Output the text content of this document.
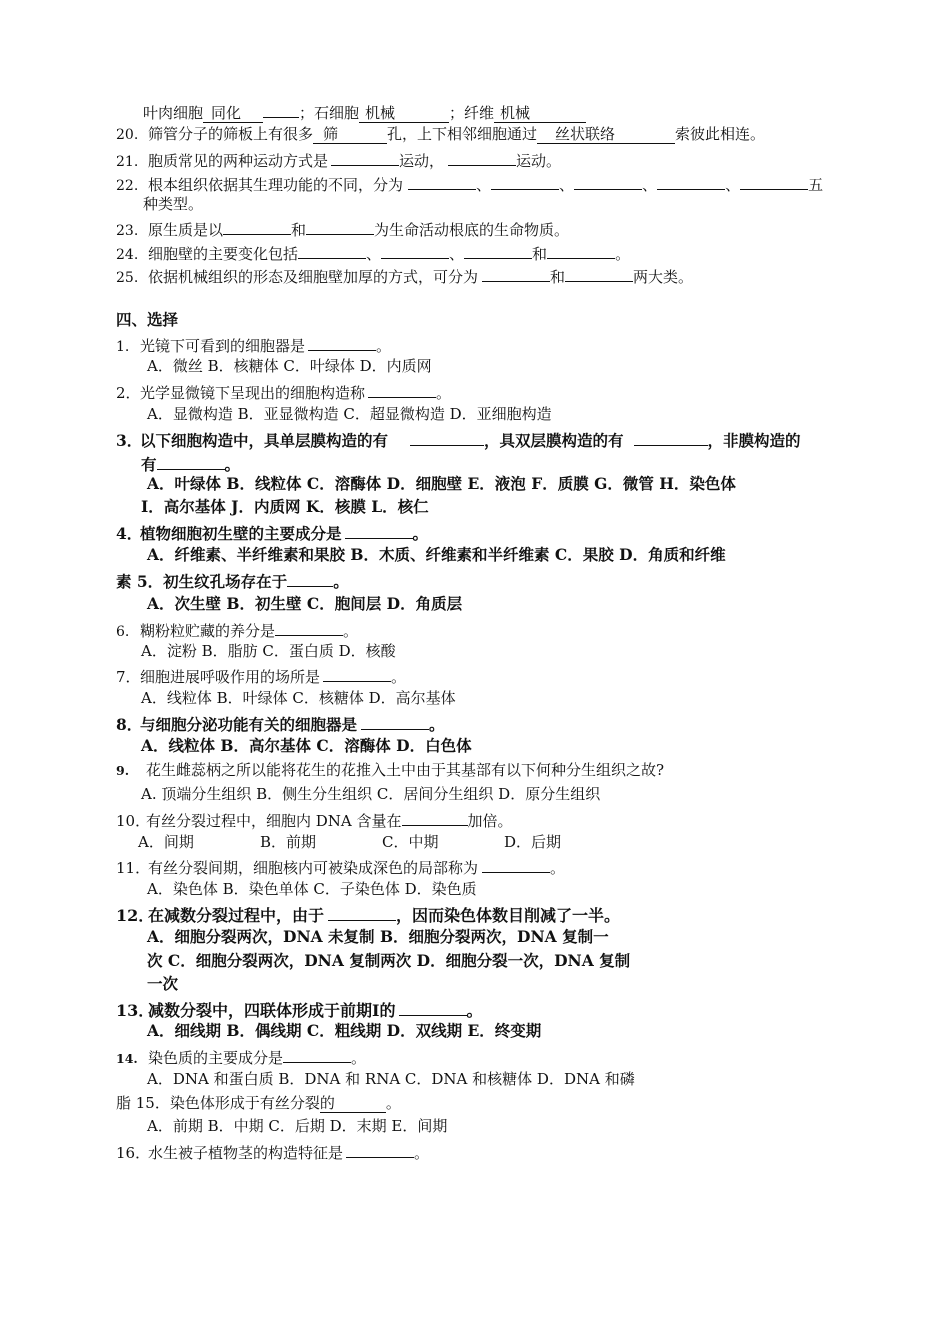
叶肉细胞 同化	；石细胞 机械	；纤维 机械
20. 筛管分子的筛板上有很多 筛	孔，上下相邻细胞通过 丝状联络	索彼此相连。
21. 胞质常见的两种运动方式是	运动，	运动。
22. 根本组织依据其生理功能的不同，分为	、	、	、	、	五
种类型。
23. 原生质是以	和	为生命活动根底的生命物质。
24. 细胞壁的主要变化包括	、	、	和	。
25. 依据机械组织的形态及细胞壁加厚的方式，可分为	和	两大类。
四、选择
1. 光镜下可看到的细胞器是	。
A．微丝 B．核糖体 C．叶绿体 D．内质网
2．光学显微镜下呈现出的细胞构造称	。
A．显微构造 B．亚显微构造 C．超显微构造 D．亚细胞构造
3．以下细胞构造中，具单层膜构造的有	，具双层膜构造的有	，非膜构造的
有	。
A．叶绿体 B．线粒体 C．溶酶体 D．细胞壁 E．液泡 F．质膜 G．微管 H．染色体
I．高尔基体 J．内质网 K．核膜 L．核仁
4．植物细胞初生壁的主要成分是	。
A．纤维素、半纤维素和果胶 B．木质、纤维素和半纤维素 C．果胶 D．角质和纤维
素 5．初生纹孔场存在于	。
A．次生壁 B．初生壁 C．胞间层 D．角质层
6. 糊粉粒贮藏的养分是	。
A．淀粉 B．脂肪 C．蛋白质 D．核酸
7．细胞进展呼吸作用的场所是	。
A．线粒体 B．叶绿体 C．核糖体 D．高尔基体
8．与细胞分泌功能有关的细胞器是	。
A．线粒体 B．高尔基体 C．溶酶体 D．白色体
9. 花生雌蕊柄之所以能将花生的花推入土中由于其基部有以下何种分生组织之故?
A. 顶端分生组织 B．侧生分生组织 C．居间分生组织 D．原分生组织
10．有丝分裂过程中，细胞内 DNA 含量在	加倍。
A．间期	B．前期	C．中期	D．后期
11．有丝分裂间期，细胞核内可被染成深色的局部称为	。
A．染色体 B．染色单体 C．子染色体 D．染色质
12．在减数分裂过程中，由于	，因而染色体数目削减了一半。
A．细胞分裂两次，DNA 未复制 B．细胞分裂两次，DNA 复制一
次 C．细胞分裂两次，DNA 复制两次 D．细胞分裂一次，DNA 复制
一次
13．减数分裂中，四联体形成于前期Ⅰ的	。
A．细线期 B．偶线期 C．粗线期 D．双线期 E．终变期
14. 染色质的主要成分是	。
A．DNA 和蛋白质 B．DNA 和 RNA C．DNA 和核糖体 D．DNA 和磷
脂 15．染色体形成于有丝分裂的	。
A．前期 B．中期 C．后期 D．末期 E．间期
16．水生被子植物茎的构造特征是	。
